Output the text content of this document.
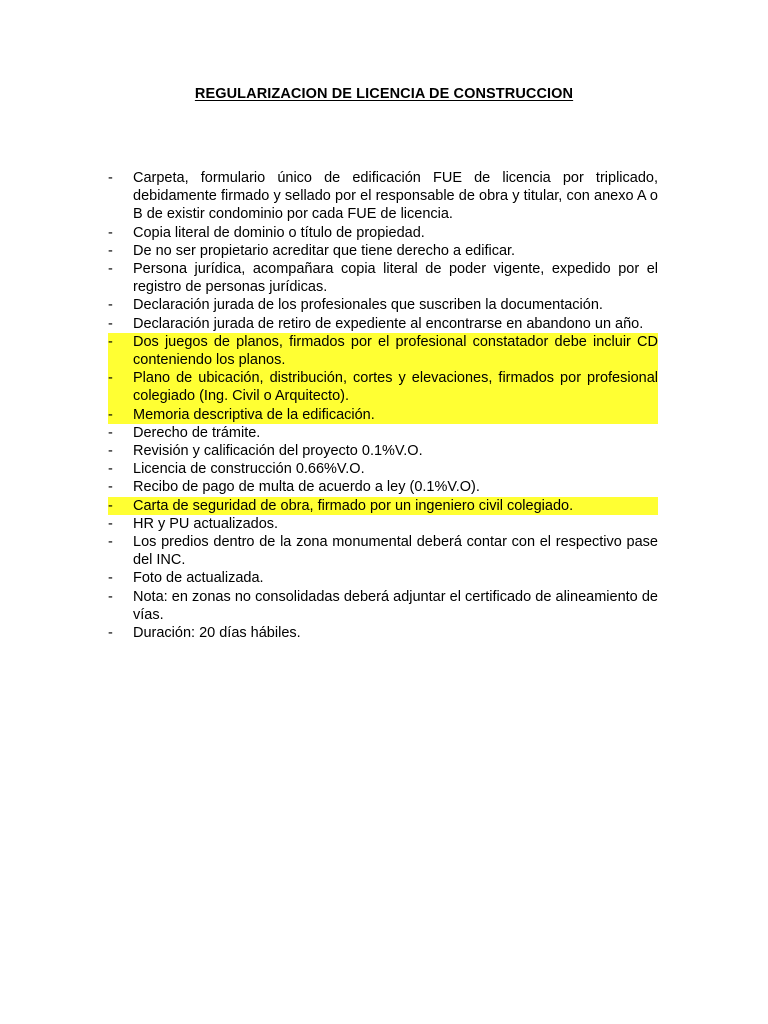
REGULARIZACION DE LICENCIA DE CONSTRUCCION
-	Carpeta, formulario único de edificación FUE de licencia por triplicado, debidamente firmado y sellado por el responsable de obra y titular, con anexo A o B de existir condominio por cada FUE de licencia.
-	Copia literal de dominio o título de propiedad.
-	De no ser propietario acreditar que tiene derecho a edificar.
-	Persona jurídica, acompañara copia literal de poder vigente, expedido por el registro de personas jurídicas.
-	Declaración jurada de los profesionales que suscriben la documentación.
-	Declaración jurada de retiro de expediente al encontrarse en abandono un año.
-	Dos juegos de planos, firmados por el profesional constatador debe incluir CD conteniendo los planos.
-	Plano de ubicación, distribución, cortes y elevaciones, firmados por profesional colegiado (Ing. Civil o Arquitecto).
-	Memoria descriptiva de la edificación.
-	Derecho de trámite.
-	Revisión y calificación del proyecto 0.1%V.O.
-	Licencia de construcción 0.66%V.O.
-	Recibo de pago de multa de acuerdo a ley (0.1%V.O).
-	Carta de seguridad de obra, firmado por un ingeniero civil colegiado.
-	HR y PU actualizados.
-	Los predios dentro de la zona monumental deberá contar con el respectivo pase del INC.
-	Foto de actualizada.
-	Nota: en zonas no consolidadas deberá adjuntar el certificado de alineamiento de vías.
-	Duración: 20 días hábiles.
